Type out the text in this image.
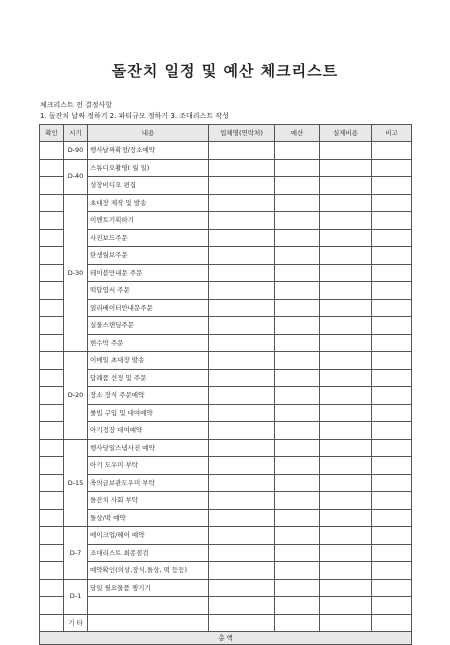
돌잔치 일정 및 예산 체크리스트
체크리스트 전 결정사항
1. 돌잔치 날짜 정하기 2. 파티규모 정하기 3. 조대리스트 작성
확인	시기	내용	업체명(연락처)	예산	실제비용	비고
	D-90	행사날짜확정/장소예약				
	D-40	스튜디오촬영( 월 일)				
		성장비디오 편집				
	D-30	초대장 제작 및 발송				
		이벤트기획하기				
		사진보드주문				
		탄생월보주문				
		테이블만내문 주문				
		떡답엽서 주문				
		열리베이터안내문주문				
		실물스탠딩주문				
		현수막 주문				
	D-20	이메일 초대장 발송				
		답례품 선정 및 주문				
		장소 장식 주문예약				
		룰빕 구입 및 대여예약				
		아기정장 대여예약				
	D-15	행사당일스냅사진 예약				
		아기 도우미 부탁				
		축의금보관도우미 부탁				
		돌잔치 사회 부탁				
		돌상/떡 예약				
	D-7	메이크업/헤어 예약				
		조대리스트 최종점검				
		예약확인(의상,장식,돌상, 떡 등등)				
	D-1	당일 필요물품 챙기기				

	기 타					
총 액						
